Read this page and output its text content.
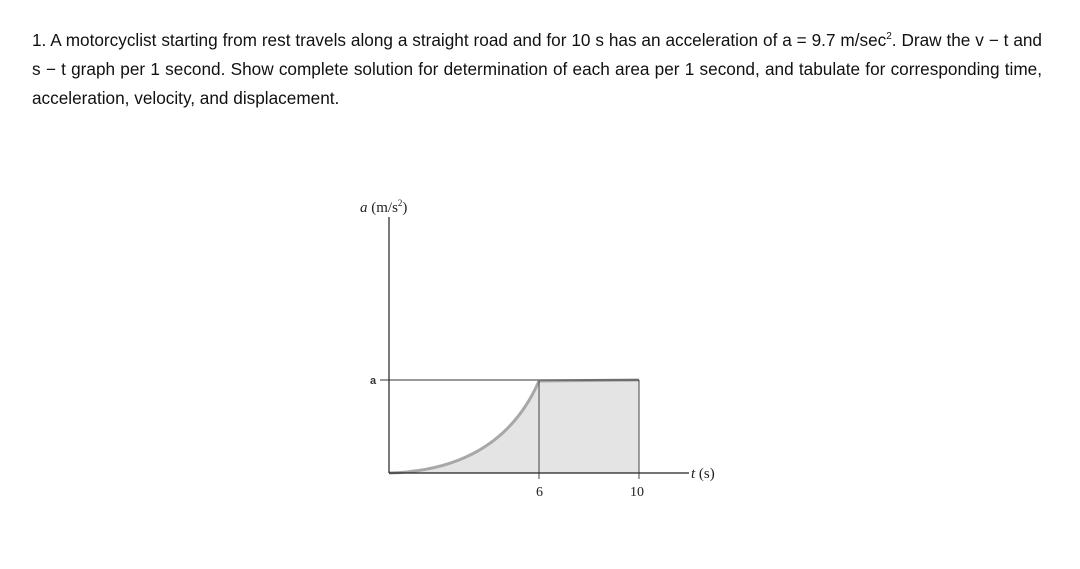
1. A motorcyclist starting from rest travels along a straight road and for 10 s has an acceleration of a = 9.7 $m/\sec^2$. Draw the v − t and s − t graph per 1 second. Show complete solution for determination of each area per 1 second, and tabulate for corresponding time, acceleration, velocity, and displacement.

a $(m/s^2)$
a
t (s)
6	10
